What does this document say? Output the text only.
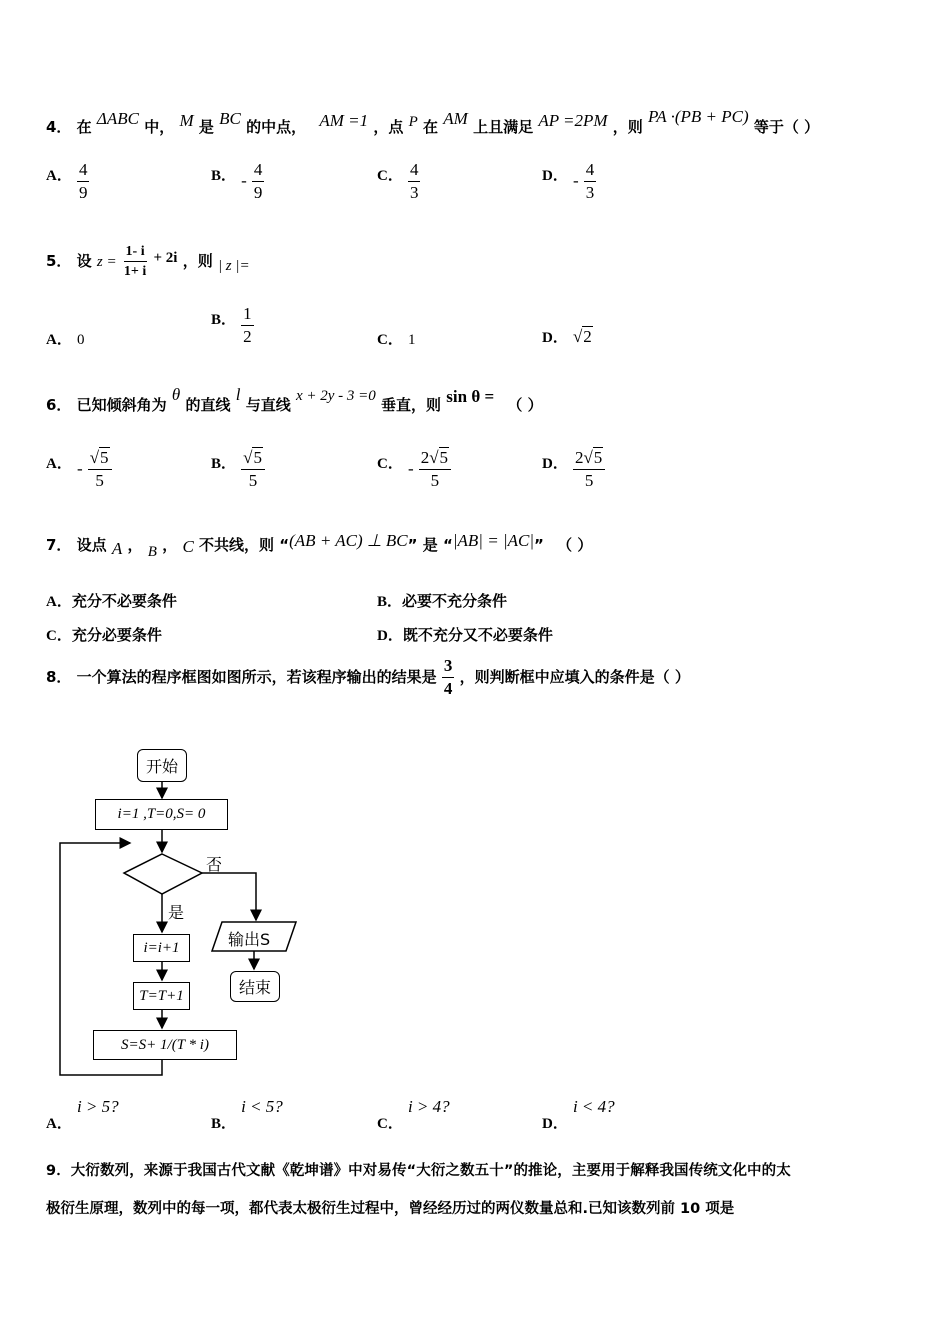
4． 在 ΔABC 中， M 是 BC 的中点， AM =1 ，点 P 在 AM 上且满足 AP =2PM ，则 PA ·(PB + PC) 等于（ ）
A． $\frac{4}{9}$	B． - $\frac{4}{9}$	C． $\frac{4}{3}$	D． - $\frac{4}{3}$
5． 设 $z = \frac{1- i}{1+ i} + 2i$ ，则 | z |=
A． 0
B． $\frac{1}{2}$	C． 1	D． √2
6． 已知倾斜角为 θ 的直线 l 与直线 x + 2y - 3 =0 垂直，则 sin θ = （ ）
A． - $\frac{√5}{5}$	B． $\frac{√5}{5}$	C． - $\frac{2√5}{5}$	D． $\frac{2√5}{5}$
7． 设点 A ， B ， C 不共线，则 “(AB + AC) ⊥ BC” 是 “|AB| = |AC|” （ ）
A．充分不必要条件	B．必要不充分条件
C．充分必要条件	D．既不充分又不必要条件
8． 一个算法的程序框图如图所示，若该程序输出的结果是 $\frac{3}{4}$ ，则判断框中应填入的条件是（ ）
开始
i=1 ,T=0,S= 0
否
是
i=i+1
T=T+1
S=S+ 1/(T * i)
输出S
结束
A． i > 5?
B． i < 5?
C． i > 4?
D． i < 4?
9．大衍数列，来源于我国古代文献《乾坤谱》中对易传“大衍之数五十”的推论，主要用于解释我国传统文化中的太
极衍生原理，数列中的每一项，都代表太极衍生过程中，曾经经历过的两仪数量总和.已知该数列前 10 项是
